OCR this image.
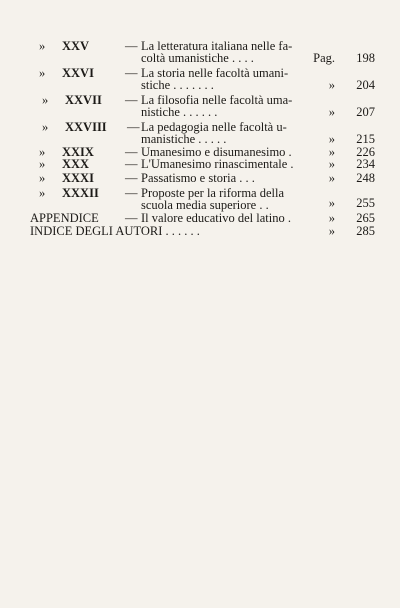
» XXV	— La letteratura italiana nelle fa-
coltà umanistiche . . . .	Pag.	198
» XXVI — La storia nelle facoltà umani-
stiche . . . . . . .	»	204
» XXVII — La filosofia nelle facoltà uma-
nistiche . . . . . .	»	207
» XXVIII — La pedagogia nelle facoltà u-
manistiche . . . . .	»	215
» XXIX — Umanesimo e disumanesimo .	»	226
» XXX	— L'Umanesimo rinascimentale .	»	234
» XXXI — Passatismo e storia . . .	»	248
» XXXII — Proposte per la riforma della
scuola media superiore . .	»	255
APPENDICE — Il valore educativo del latino .	»	265
INDICE DEGLI AUTORI . . . . . .	»	285
